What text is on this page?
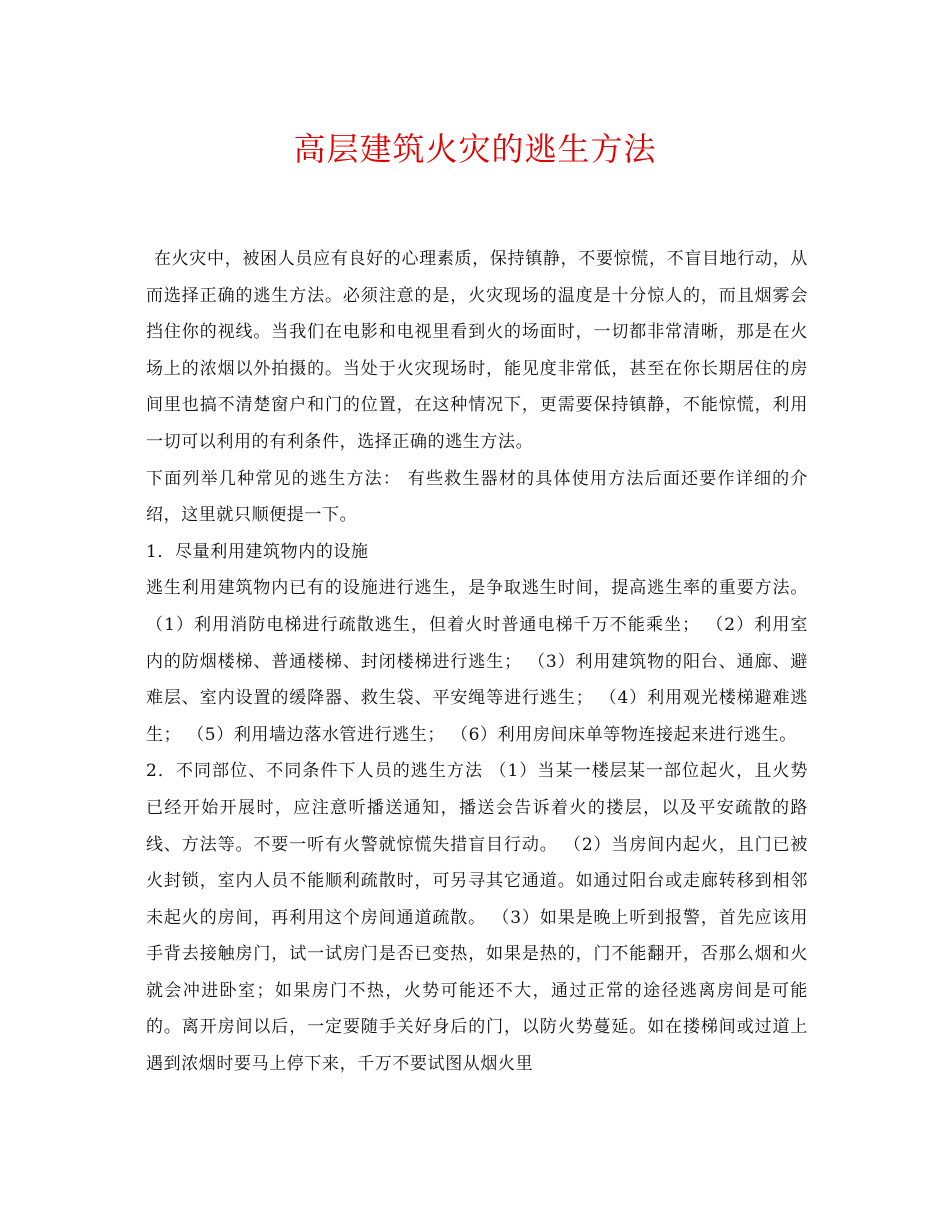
高层建筑火灾的逃生方法

在火灾中，被困人员应有良好的心理素质，保持镇静，不要惊慌，不盲目地行动，从而选择正确的逃生方法。必须注意的是，火灾现场的温度是十分惊人的，而且烟雾会挡住你的视线。当我们在电影和电视里看到火的场面时，一切都非常清晰，那是在火场上的浓烟以外拍摄的。当处于火灾现场时，能见度非常低，甚至在你长期居住的房间里也搞不清楚窗户和门的位置，在这种情况下，更需要保持镇静，不能惊慌，利用一切可以利用的有利条件，选择正确的逃生方法。

下面列举几种常见的逃生方法： 有些救生器材的具体使用方法后面还要作详细的介绍，这里就只顺便提一下。

1．尽量利用建筑物内的设施

逃生利用建筑物内已有的设施进行逃生，是争取逃生时间，提高逃生率的重要方法。 （1）利用消防电梯进行疏散逃生，但着火时普通电梯千万不能乘坐； （2）利用室内的防烟楼梯、普通楼梯、封闭楼梯进行逃生； （3）利用建筑物的阳台、通廊、避难层、室内设置的缓降器、救生袋、平安绳等进行逃生； （4）利用观光楼梯避难逃生； （5）利用墙边落水管进行逃生； （6）利用房间床单等物连接起来进行逃生。

2．不同部位、不同条件下人员的逃生方法 （1）当某一楼层某一部位起火，且火势已经开始开展时，应注意听播送通知，播送会告诉着火的搂层，以及平安疏散的路线、方法等。不要一听有火警就惊慌失措盲目行动。 （2）当房间内起火，且门已被火封锁，室内人员不能顺利疏散时，可另寻其它通道。如通过阳台或走廊转移到相邻未起火的房间，再利用这个房间通道疏散。 （3）如果是晚上听到报警，首先应该用手背去接触房门，试一试房门是否已变热，如果是热的，门不能翻开，否那么烟和火就会冲进卧室；如果房门不热，火势可能还不大，通过正常的途径逃离房间是可能的。离开房间以后，一定要随手关好身后的门，以防火势蔓延。如在搂梯间或过道上遇到浓烟时要马上停下来，千万不要试图从烟火里
